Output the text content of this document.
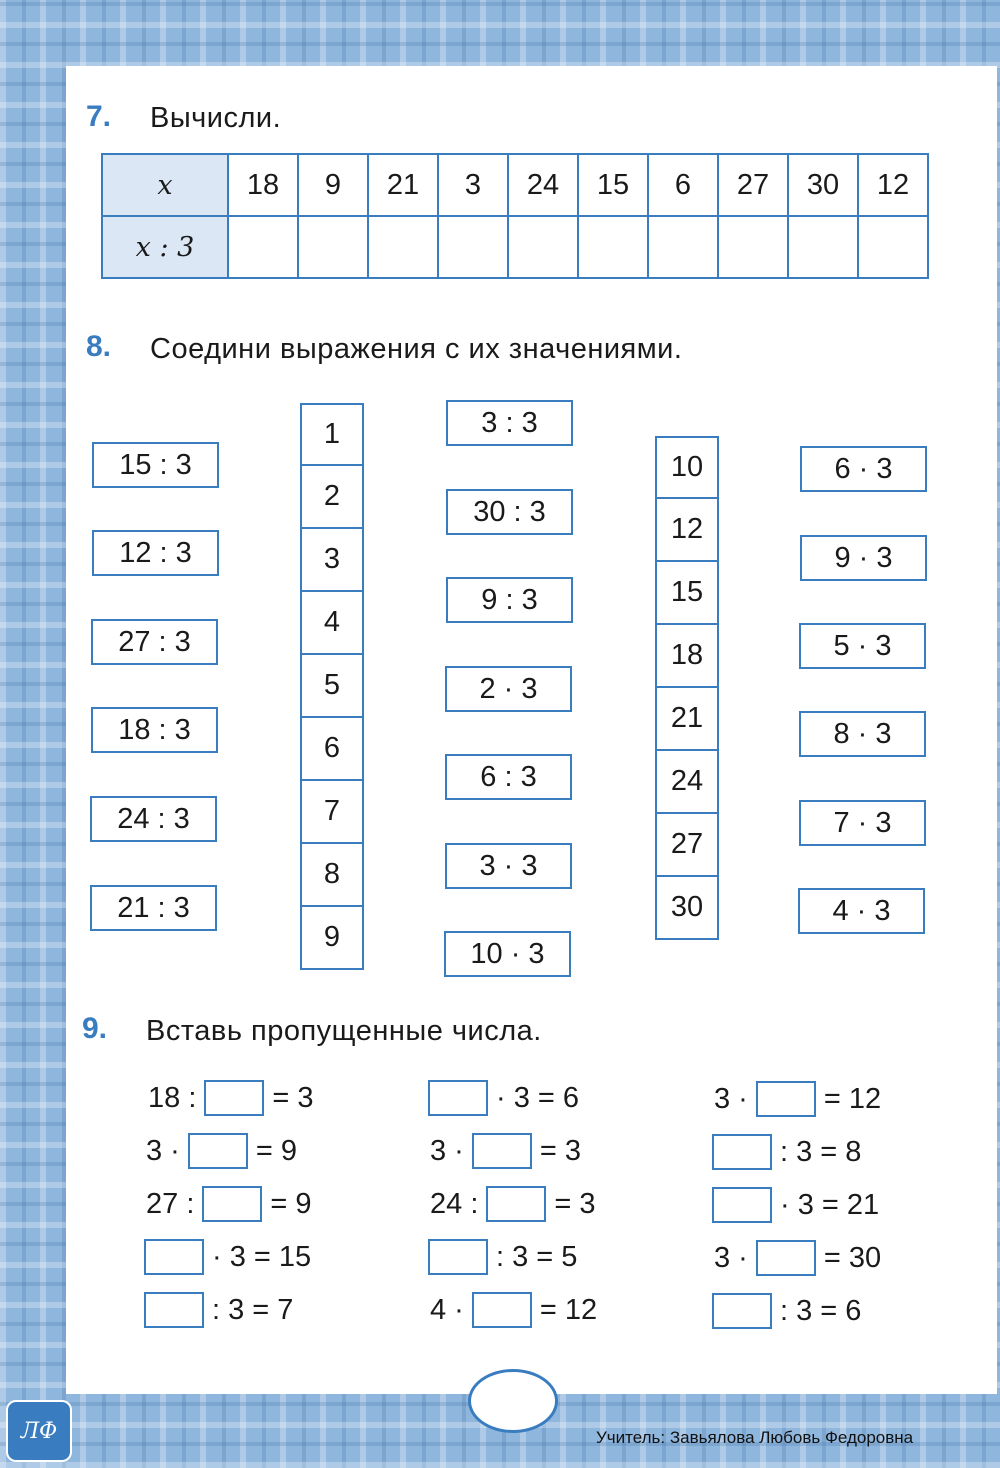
7. Вычисли.
x	18	9	21	3	24	15	6	27	30	12
x : 3										
8. Соедини выражения с их значениями.
15 : 3
12 : 3
27 : 3
18 : 3
24 : 3
21 : 3
1
2
3
4
5
6
7
8
9
3 : 3
30 : 3
9 : 3
2 · 3
6 : 3
3 · 3
10 · 3
10
12
15
18
21
24
27
30
6 · 3
9 · 3
5 · 3
8 · 3
7 · 3
4 · 3
9. Вставь пропущенные числа.
18 :	= 3
3 ·	= 9
27 :	= 9
· 3 = 15
: 3 = 7
· 3 = 6
3 ·	= 3
24 :	= 3
: 3 = 5
4 ·	= 12
3 ·	= 12
: 3 = 8
· 3 = 21
3 ·	= 30
: 3 = 6
ЛФ	Учитель: Завьялова Любовь Федоровна
